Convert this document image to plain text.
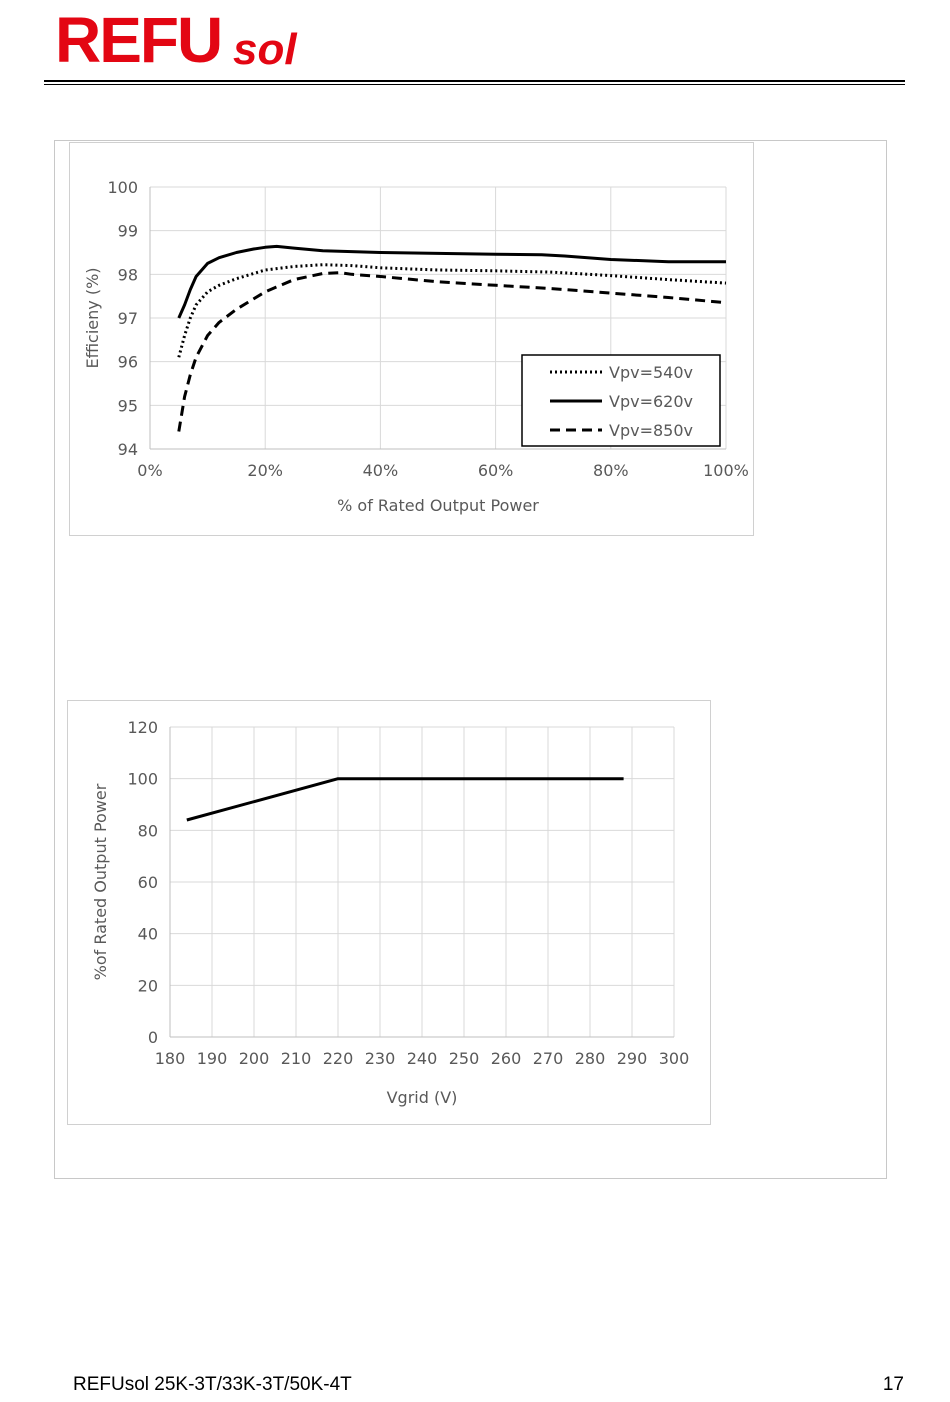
REFU sol
0%	20%	40%	60%	80%	100%
94
95
96
97
98
99
100
% of Rated Output Power
Efficieny (%)
Vpv=540v
Vpv=620v
Vpv=850v
180 190 200 210 220 230 240 250 260 270 280 290 300
0
20
40
60
80
100
120
Vgrid (V)
%of Rated Output Power
REFUsol 25K-3T/33K-3T/50K-4T	17
